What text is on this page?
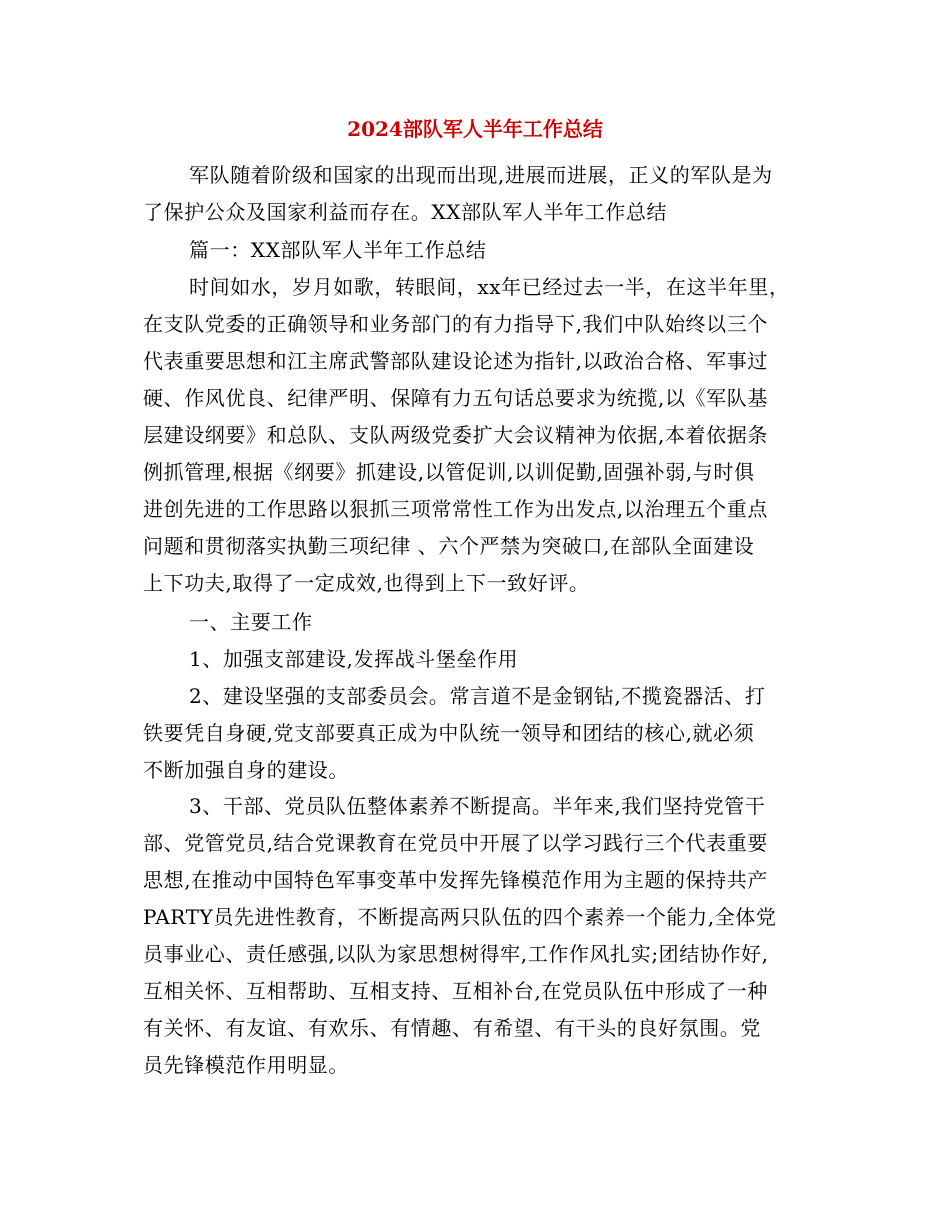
2024部队军人半年工作总结
军队随着阶级和国家的出现而出现,进展而进展，正义的军队是为
了保护公众及国家利益而存在。XX部队军人半年工作总结
篇一：XX部队军人半年工作总结
时间如水，岁月如歌，转眼间，xx年已经过去一半，在这半年里，
在支队党委的正确领导和业务部门的有力指导下,我们中队始终以三个
代表重要思想和江主席武警部队建设论述为指针,以政治合格、军事过
硬、作风优良、纪律严明、保障有力五句话总要求为统揽,以《军队基
层建设纲要》和总队、支队两级党委扩大会议精神为依据,本着依据条
例抓管理,根据《纲要》抓建设,以管促训,以训促勤,固强补弱,与时俱
进创先进的工作思路以狠抓三项常常性工作为出发点,以治理五个重点
问题和贯彻落实执勤三项纪律 、六个严禁为突破口,在部队全面建设
上下功夫,取得了一定成效,也得到上下一致好评。
一、主要工作
1、加强支部建设,发挥战斗堡垒作用
2、建设坚强的支部委员会。常言道不是金钢钻,不揽瓷器活、打
铁要凭自身硬,党支部要真正成为中队统一领导和团结的核心,就必须
不断加强自身的建设。
3、干部、党员队伍整体素养不断提高。半年来,我们坚持党管干
部、党管党员,结合党课教育在党员中开展了以学习践行三个代表重要
思想,在推动中国特色军事变革中发挥先锋模范作用为主题的保持共产
PARTY员先进性教育，不断提高两只队伍的四个素养一个能力,全体党
员事业心、责任感强,以队为家思想树得牢,工作作风扎实;团结协作好,
互相关怀、互相帮助、互相支持、互相补台,在党员队伍中形成了一种
有关怀、有友谊、有欢乐、有情趣、有希望、有干头的良好氛围。党
员先锋模范作用明显。
